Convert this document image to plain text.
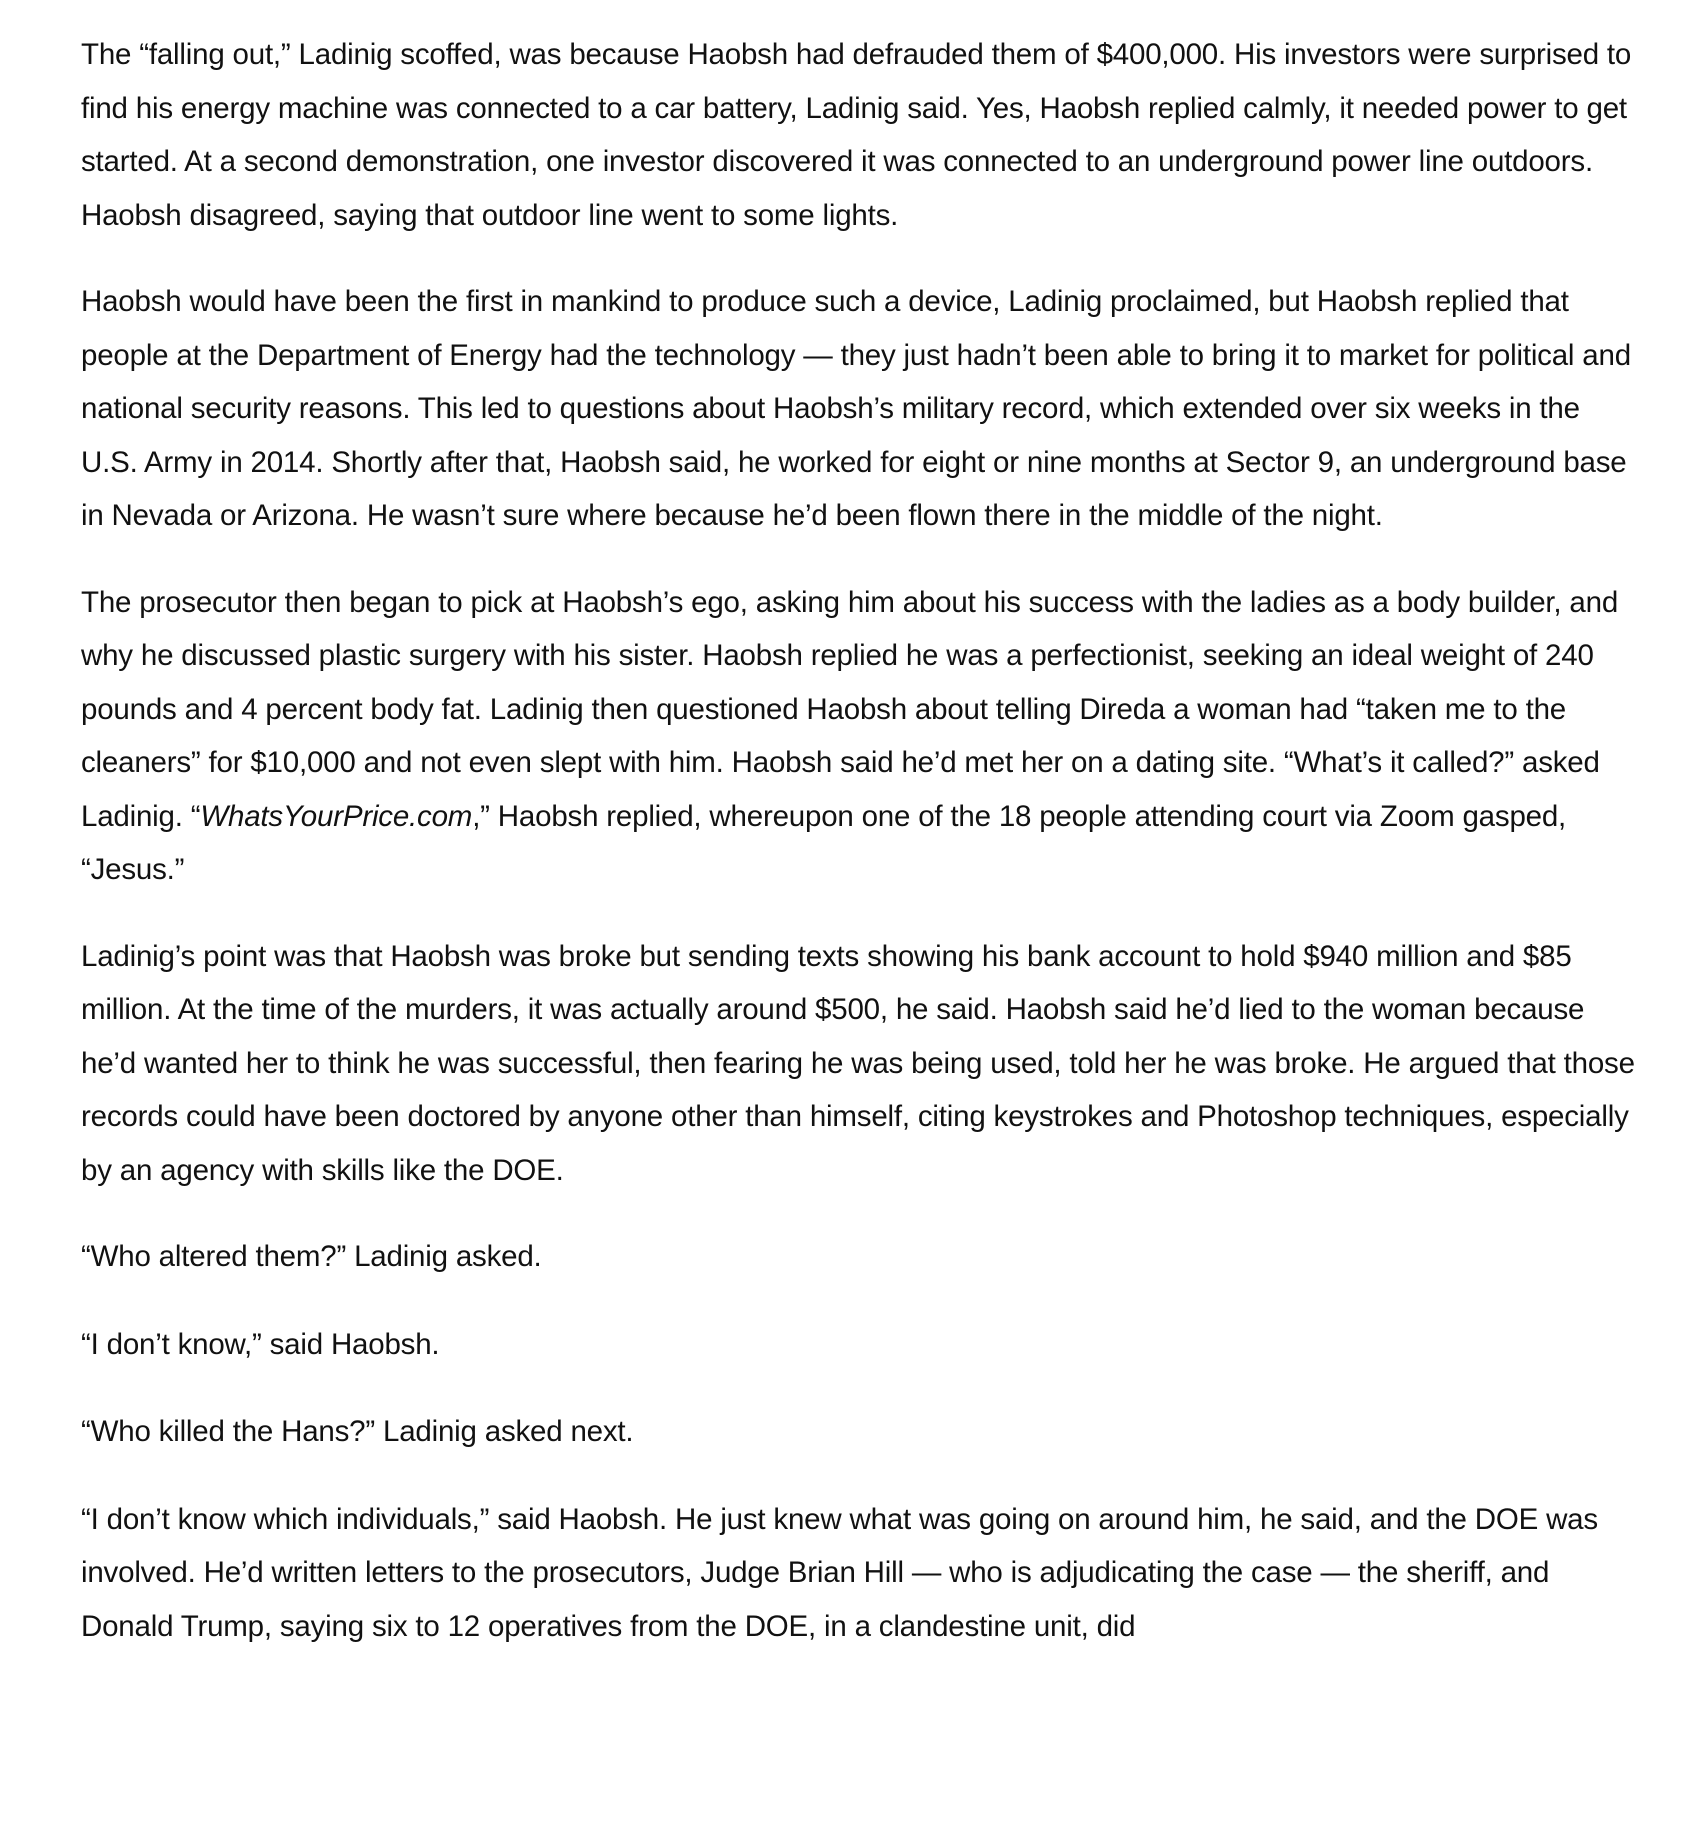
The “falling out,” Ladinig scoffed, was because Haobsh had defrauded them of $400,000. His investors were surprised to find his energy machine was connected to a car battery, Ladinig said. Yes, Haobsh replied calmly, it needed power to get started. At a second demonstration, one investor discovered it was connected to an underground power line outdoors. Haobsh disagreed, saying that outdoor line went to some lights.

Haobsh would have been the first in mankind to produce such a device, Ladinig proclaimed, but Haobsh replied that people at the Department of Energy had the technology — they just hadn’t been able to bring it to market for political and national security reasons. This led to questions about Haobsh’s military record, which extended over six weeks in the U.S. Army in 2014. Shortly after that, Haobsh said, he worked for eight or nine months at Sector 9, an underground base in Nevada or Arizona. He wasn’t sure where because he’d been flown there in the middle of the night.

The prosecutor then began to pick at Haobsh’s ego, asking him about his success with the ladies as a body builder, and why he discussed plastic surgery with his sister. Haobsh replied he was a perfectionist, seeking an ideal weight of 240 pounds and 4 percent body fat. Ladinig then questioned Haobsh about telling Direda a woman had “taken me to the cleaners” for $10,000 and not even slept with him. Haobsh said he’d met her on a dating site. “What’s it called?” asked Ladinig. “WhatsYourPrice.com,” Haobsh replied, whereupon one of the 18 people attending court via Zoom gasped, “Jesus.”

Ladinig’s point was that Haobsh was broke but sending texts showing his bank account to hold $940 million and $85 million. At the time of the murders, it was actually around $500, he said. Haobsh said he’d lied to the woman because he’d wanted her to think he was successful, then fearing he was being used, told her he was broke. He argued that those records could have been doctored by anyone other than himself, citing keystrokes and Photoshop techniques, especially by an agency with skills like the DOE.

“Who altered them?” Ladinig asked.

“I don’t know,” said Haobsh.

“Who killed the Hans?” Ladinig asked next.

“I don’t know which individuals,” said Haobsh. He just knew what was going on around him, he said, and the DOE was involved. He’d written letters to the prosecutors, Judge Brian Hill — who is adjudicating the case — the sheriff, and Donald Trump, saying six to 12 operatives from the DOE, in a clandestine unit, did
